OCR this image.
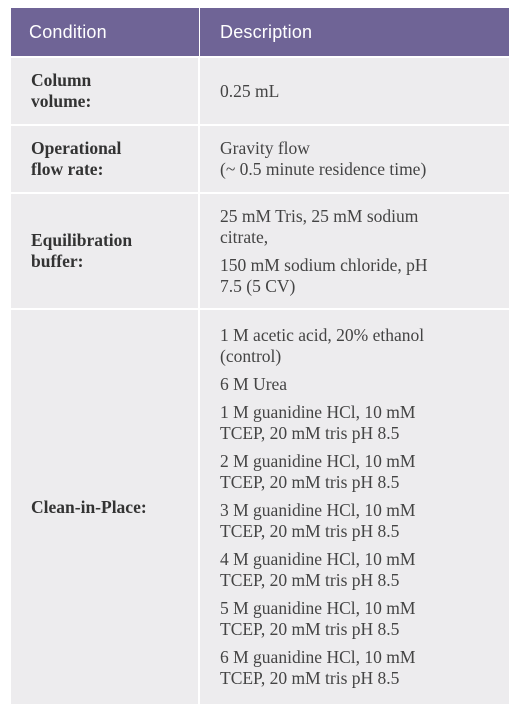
Condition	Description
Column
volume:
0.25 mL
Operational
flow rate:
Gravity flow
(~ 0.5 minute residence time)
Equilibration
buffer:
25 mM Tris, 25 mM sodium
citrate,
150 mM sodium chloride, pH
7.5 (5 CV)
Clean-in-Place:
1 M acetic acid, 20% ethanol
(control)
6 M Urea
1 M guanidine HCl, 10 mM
TCEP, 20 mM tris pH 8.5
2 M guanidine HCl, 10 mM
TCEP, 20 mM tris pH 8.5
3 M guanidine HCl, 10 mM
TCEP, 20 mM tris pH 8.5
4 M guanidine HCl, 10 mM
TCEP, 20 mM tris pH 8.5
5 M guanidine HCl, 10 mM
TCEP, 20 mM tris pH 8.5
6 M guanidine HCl, 10 mM
TCEP, 20 mM tris pH 8.5
